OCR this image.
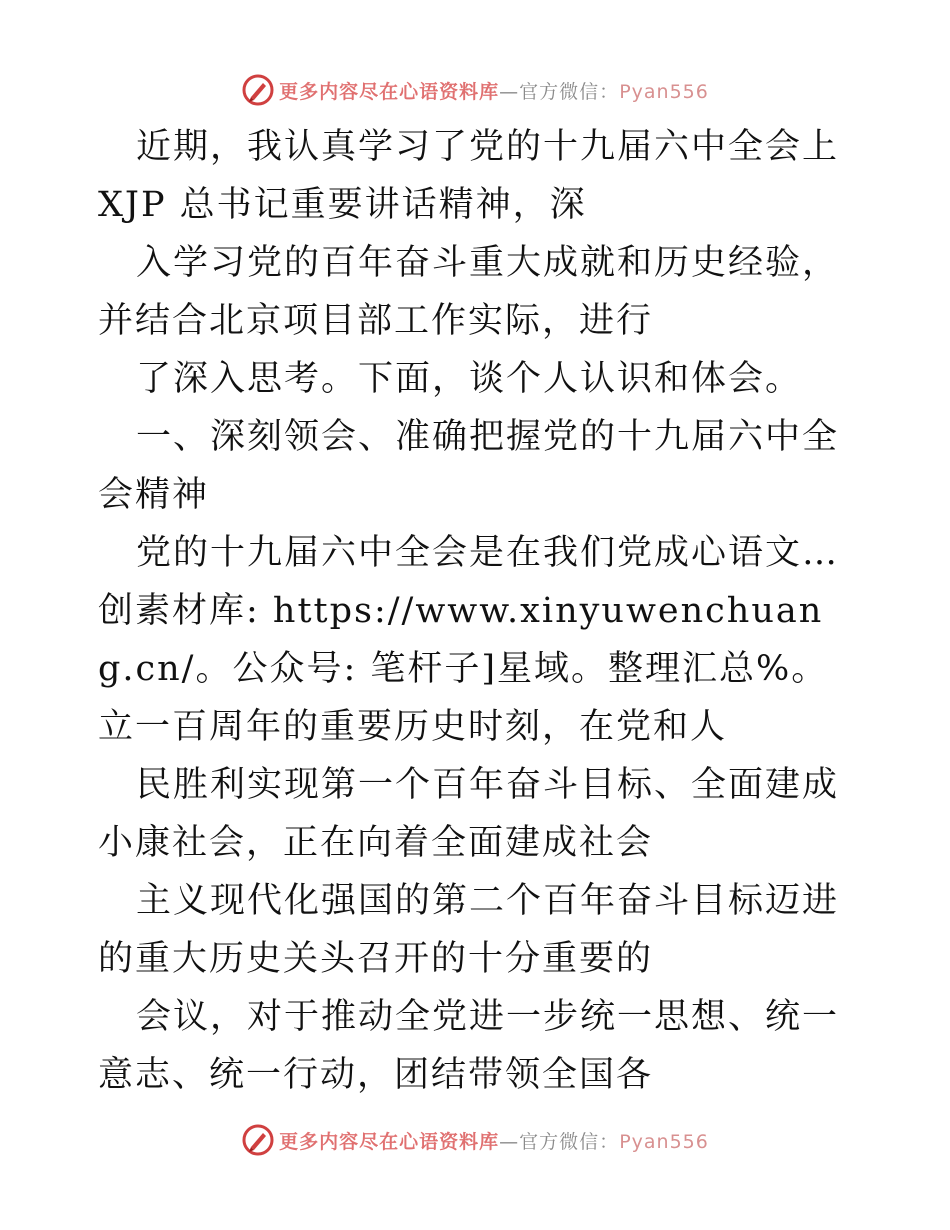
更多内容尽在心语资料库—官方微信：Pyan556

近期，我认真学习了党的十九届六中全会上 XJP 总书记重要讲话精神，深

入学习党的百年奋斗重大成就和历史经验，并结合北京项目部工作实际，进行

了深入思考。下面，谈个人认识和体会。

一、深刻领会、准确把握党的十九届六中全会精神

党的十九届六中全会是在我们党成心语文…创素材库: https://www.xinyuwenchuang.cn/。公众号: 笔杆子]星域。整理汇总%。立一百周年的重要历史时刻，在党和人

民胜利实现第一个百年奋斗目标、全面建成小康社会，正在向着全面建成社会

主义现代化强国的第二个百年奋斗目标迈进的重大历史关头召开的十分重要的

会议，对于推动全党进一步统一思想、统一意志、统一行动，团结带领全国各

更多内容尽在心语资料库—官方微信：Pyan556
